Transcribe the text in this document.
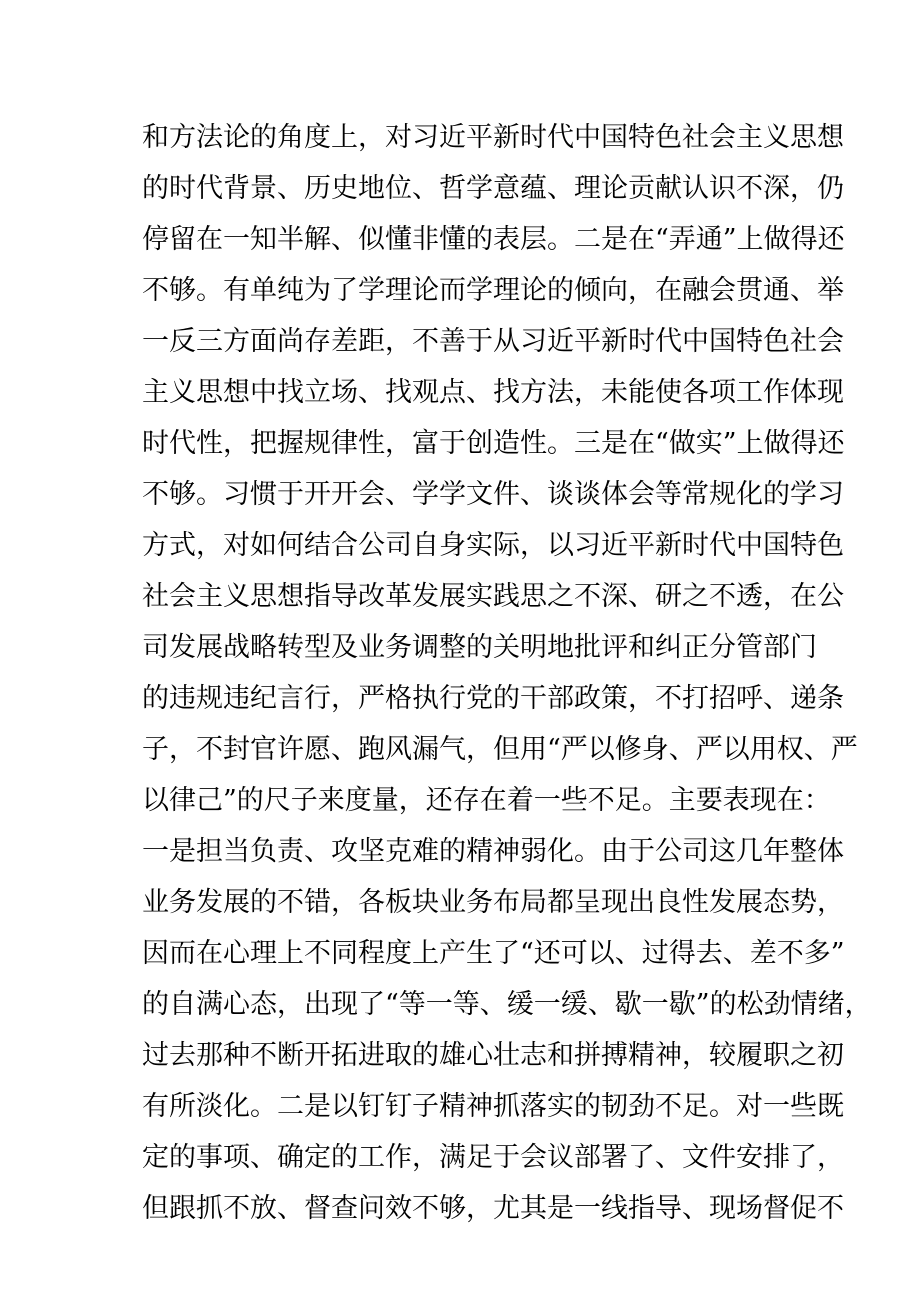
和方法论的角度上，对习近平新时代中国特色社会主义思想
的时代背景、历史地位、哲学意蕴、理论贡献认识不深，仍
停留在一知半解、似懂非懂的表层。二是在“弄通”上做得还
不够。有单纯为了学理论而学理论的倾向，在融会贯通、举
一反三方面尚存差距，不善于从习近平新时代中国特色社会
主义思想中找立场、找观点、找方法，未能使各项工作体现
时代性，把握规律性，富于创造性。三是在“做实”上做得还
不够。习惯于开开会、学学文件、谈谈体会等常规化的学习
方式，对如何结合公司自身实际，以习近平新时代中国特色
社会主义思想指导改革发展实践思之不深、研之不透，在公
司发展战略转型及业务调整的关明地批评和纠正分管部门
的违规违纪言行，严格执行党的干部政策，不打招呼、递条
子，不封官许愿、跑风漏气，但用“严以修身、严以用权、严
以律己”的尺子来度量，还存在着一些不足。主要表现在：
一是担当负责、攻坚克难的精神弱化。由于公司这几年整体
业务发展的不错，各板块业务布局都呈现出良性发展态势，
因而在心理上不同程度上产生了“还可以、过得去、差不多”
的自满心态，出现了“等一等、缓一缓、歇一歇”的松劲情绪，
过去那种不断开拓进取的雄心壮志和拼搏精神，较履职之初
有所淡化。二是以钉钉子精神抓落实的韧劲不足。对一些既
定的事项、确定的工作，满足于会议部署了、文件安排了，
但跟抓不放、督查问效不够，尤其是一线指导、现场督促不
